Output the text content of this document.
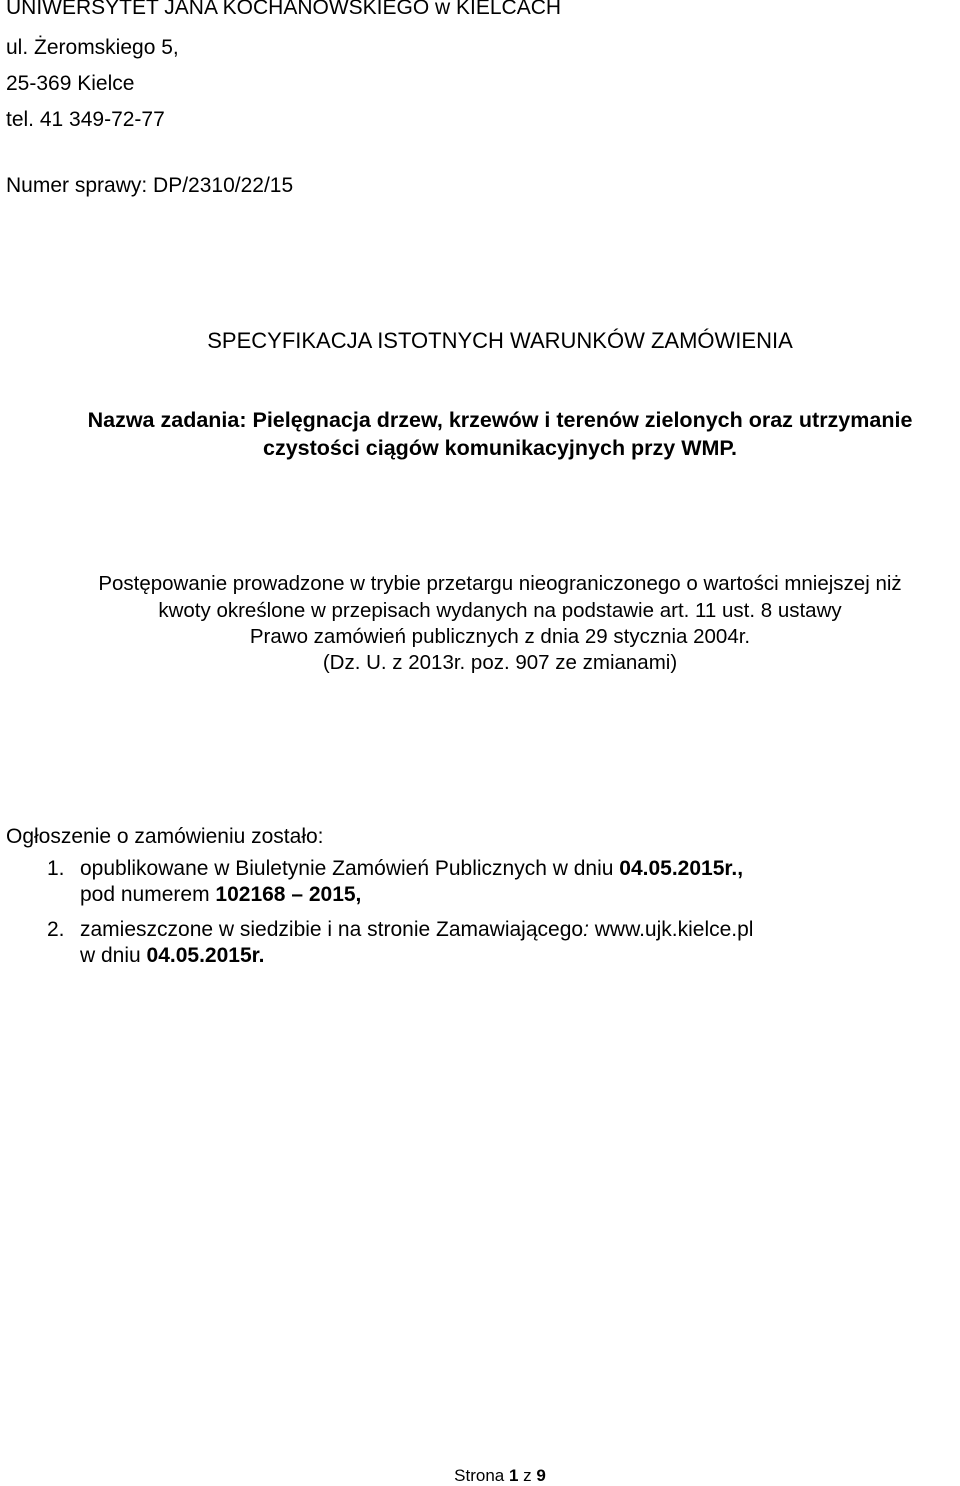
UNIWERSYTET JANA KOCHANOWSKIEGO w KIELCACH
ul. Żeromskiego 5,
25-369 Kielce
tel. 41 349-72-77
Numer sprawy: DP/2310/22/15
SPECYFIKACJA ISTOTNYCH WARUNKÓW ZAMÓWIENIA
Nazwa zadania: Pielęgnacja drzew, krzewów i terenów zielonych oraz utrzymanie
czystości ciągów komunikacyjnych przy WMP.
Postępowanie prowadzone w trybie przetargu nieograniczonego o wartości mniejszej niż
kwoty określone w przepisach wydanych na podstawie art. 11 ust. 8 ustawy
Prawo zamówień publicznych z dnia 29 stycznia 2004r.
(Dz. U. z 2013r. poz. 907 ze zmianami)
Ogłoszenie o zamówieniu zostało:
1. opublikowane w Biuletynie Zamówień Publicznych w dniu 04.05.2015r.,
pod numerem 102168 – 2015,
2. zamieszczone w siedzibie i na stronie Zamawiającego: www.ujk.kielce.pl
w dniu 04.05.2015r.
Strona 1 z 9
